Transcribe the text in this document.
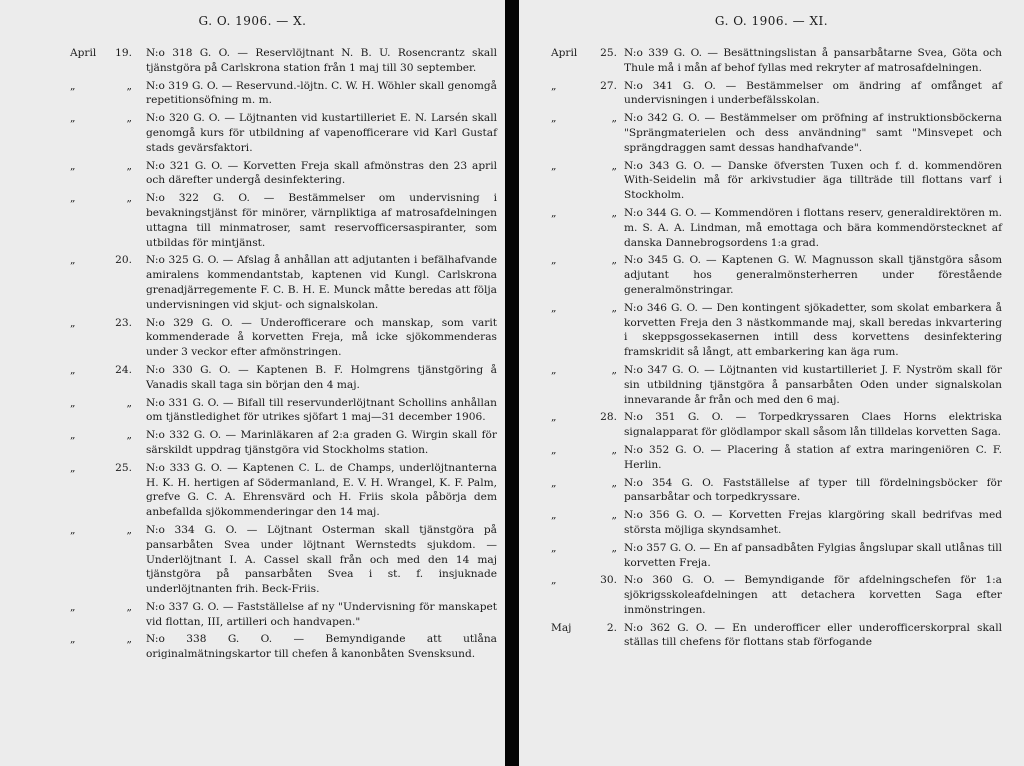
G. O. 1906. — X.
April	19. N:o 318 G. O. — Reservlöjtnant N. B. U. Rosencrantz skall tjänstgöra på Carlskrona station från 1 maj till 30 september.
„	„ N:o 319 G. O. — Reservund.-löjtn. C. W. H. Wöhler skall genomgå repetitionsöfning m. m.
„	„ N:o 320 G. O. — Löjtnanten vid kustartilleriet E. N. Larsén skall genomgå kurs för utbildning af vapenofficerare vid Karl Gustaf stads gevärsfaktori.
„	„ N:o 321 G. O. — Korvetten Freja skall afmönstras den 23 april och därefter undergå desinfektering.
„	„ N:o 322 G. O. — Bestämmelser om undervisning i bevakningstjänst för minörer, värnpliktiga af matrosafdelningen uttagna till minmatroser, samt reservofficersaspiranter, som utbildas för mintjänst.
„	20. N:o 325 G. O. — Afslag å anhållan att adjutanten i befälhafvande amiralens kommendantstab, kaptenen vid Kungl. Carlskrona grenadjärregemente F. C. B. H. E. Munck måtte beredas att följa undervisningen vid skjut- och signalskolan.
„	23. N:o 329 G. O. — Underofficerare och manskap, som varit kommenderade å korvetten Freja, må icke sjökommenderas under 3 veckor efter afmönstringen.
„	24. N:o 330 G. O. — Kaptenen B. F. Holmgrens tjänstgöring å Vanadis skall taga sin början den 4 maj.
„	„ N:o 331 G. O. — Bifall till reservunderlöjtnant Schollins anhållan om tjänstledighet för utrikes sjöfart 1 maj—31 december 1906.
„	„ N:o 332 G. O. — Marinläkaren af 2:a graden G. Wirgin skall för särskildt uppdrag tjänstgöra vid Stockholms station.
„	25. N:o 333 G. O. — Kaptenen C. L. de Champs, underlöjtnanterna H. K. H. hertigen af Södermanland, E. V. H. Wrangel, K. F. Palm, grefve G. C. A. Ehrensvärd och H. Friis skola påbörja dem anbefallda sjökommenderingar den 14 maj.
„	„ N:o 334 G. O. — Löjtnant Osterman skall tjänstgöra på pansarbåten Svea under löjtnant Wernstedts sjukdom. — Underlöjtnant I. A. Cassel skall från och med den 14 maj tjänstgöra på pansarbåten Svea i st. f. insjuknade underlöjtnanten frih. Beck-Friis.
„	„ N:o 337 G. O. — Fastställelse af ny "Undervisning för manskapet vid flottan, III, artilleri och handvapen."
„	„ N:o 338 G. O. — Bemyndigande att utlåna originalmätningskartor till chefen å kanonbåten Svensksund.
G. O. 1906. — XI.
April	25. N:o 339 G. O. — Besättningslistan å pansarbåtarne Svea, Göta och Thule må i mån af behof fyllas med rekryter af matrosafdelningen.
„	27. N:o 341 G. O. — Bestämmelser om ändring af omfånget af undervisningen i underbefälsskolan.
„	„ N:o 342 G. O. — Bestämmelser om pröfning af instruktionsböckerna "Sprängmaterielen och dess användning" samt "Minsvepet och sprängdraggen samt dessas handhafvande".
„	„ N:o 343 G. O. — Danske öfversten Tuxen och f. d. kommendören With-Seidelin må för arkivstudier äga tillträde till flottans varf i Stockholm.
„	„ N:o 344 G. O. — Kommendören i flottans reserv, generaldirektören m. m. S. A. A. Lindman, må emottaga och bära kommendörstecknet af danska Dannebrogsordens 1:a grad.
„	„ N:o 345 G. O. — Kaptenen G. W. Magnusson skall tjänstgöra såsom adjutant hos generalmönsterherren under förestående generalmönstringar.
„	„ N:o 346 G. O. — Den kontingent sjökadetter, som skolat embarkera å korvetten Freja den 3 nästkommande maj, skall beredas inkvartering i skeppsgossekasernen intill dess korvettens desinfektering framskridit så långt, att embarkering kan äga rum.
„	„ N:o 347 G. O. — Löjtnanten vid kustartilleriet J. F. Nyström skall för sin utbildning tjänstgöra å pansarbåten Oden under signalskolan innevarande år från och med den 6 maj.
„	28. N:o 351 G. O. — Torpedkryssaren Claes Horns elektriska signalapparat för glödlampor skall såsom lån tilldelas korvetten Saga.
„	„ N:o 352 G. O. — Placering å station af extra maringeniören C. F. Herlin.
„	„ N:o 354 G. O. Fastställelse af typer till fördelningsböcker för pansarbåtar och torpedkryssare.
„	„ N:o 356 G. O. — Korvetten Frejas klargöring skall bedrifvas med största möjliga skyndsamhet.
„	„ N:o 357 G. O. — En af pansadbåten Fylgias ångslupar skall utlånas till korvetten Freja.
„	30. N:o 360 G. O. — Bemyndigande för afdelningschefen för 1:a sjökrigsskoleafdelningen att detachera korvetten Saga efter inmönstringen.
Maj	2. N:o 362 G. O. — En underofficer eller underofficerskorpral skall ställas till chefens för flottans stab förfogande
